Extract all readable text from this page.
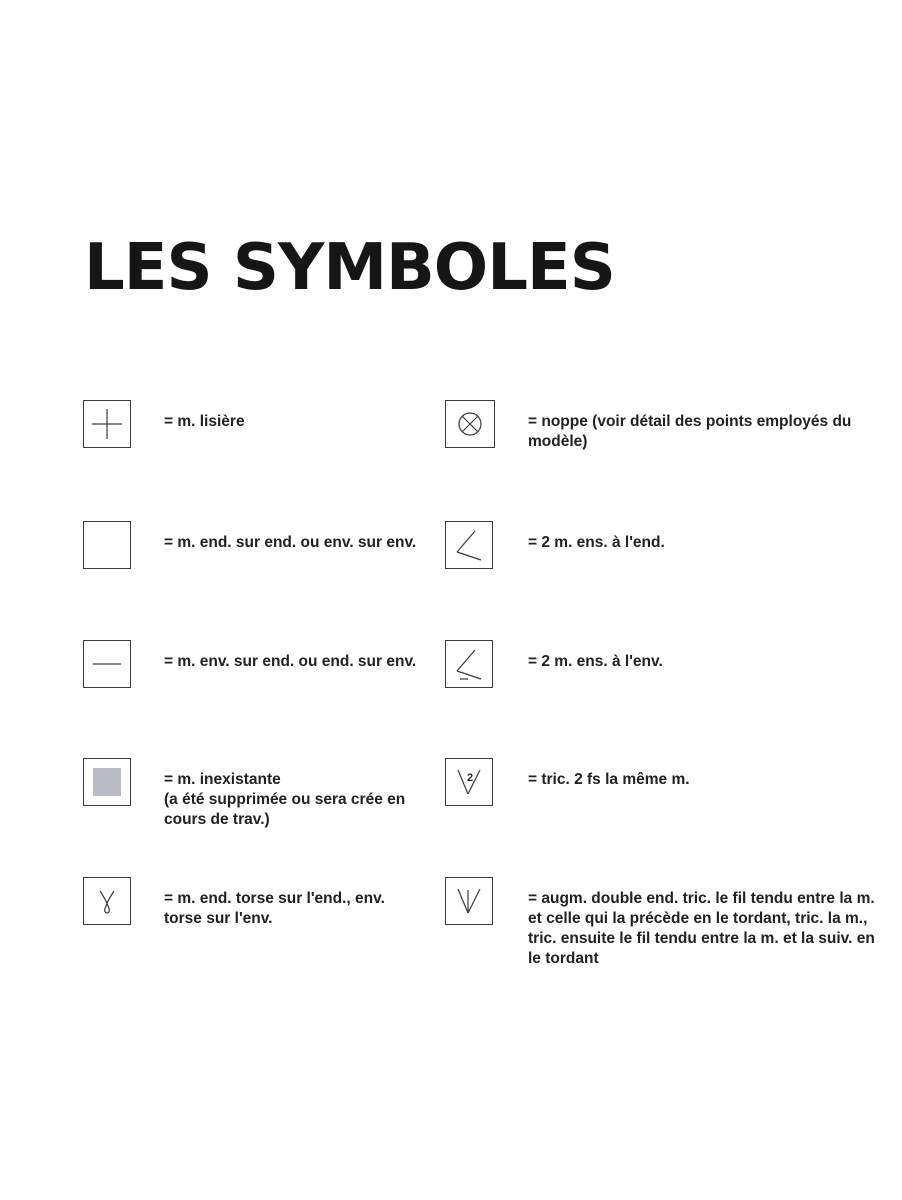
LES SYMBOLES

= m. lisière

= m. end. sur end. ou env. sur env.

= m. env. sur end. ou end. sur env.

= m. inexistante
(a été supprimée ou sera crée en cours de trav.)

= m. end. torse sur l'end., env. torse sur l'env.

= noppe (voir détail des points employés du modèle)

= 2 m. ens. à l'end.

= 2 m. ens. à l'env.

2	= tric. 2 fs la même m.

= augm. double end. tric. le fil tendu entre la m. et celle qui la précède en le tordant, tric. la m., tric. ensuite le fil tendu entre la m. et la suiv. en le tordant
